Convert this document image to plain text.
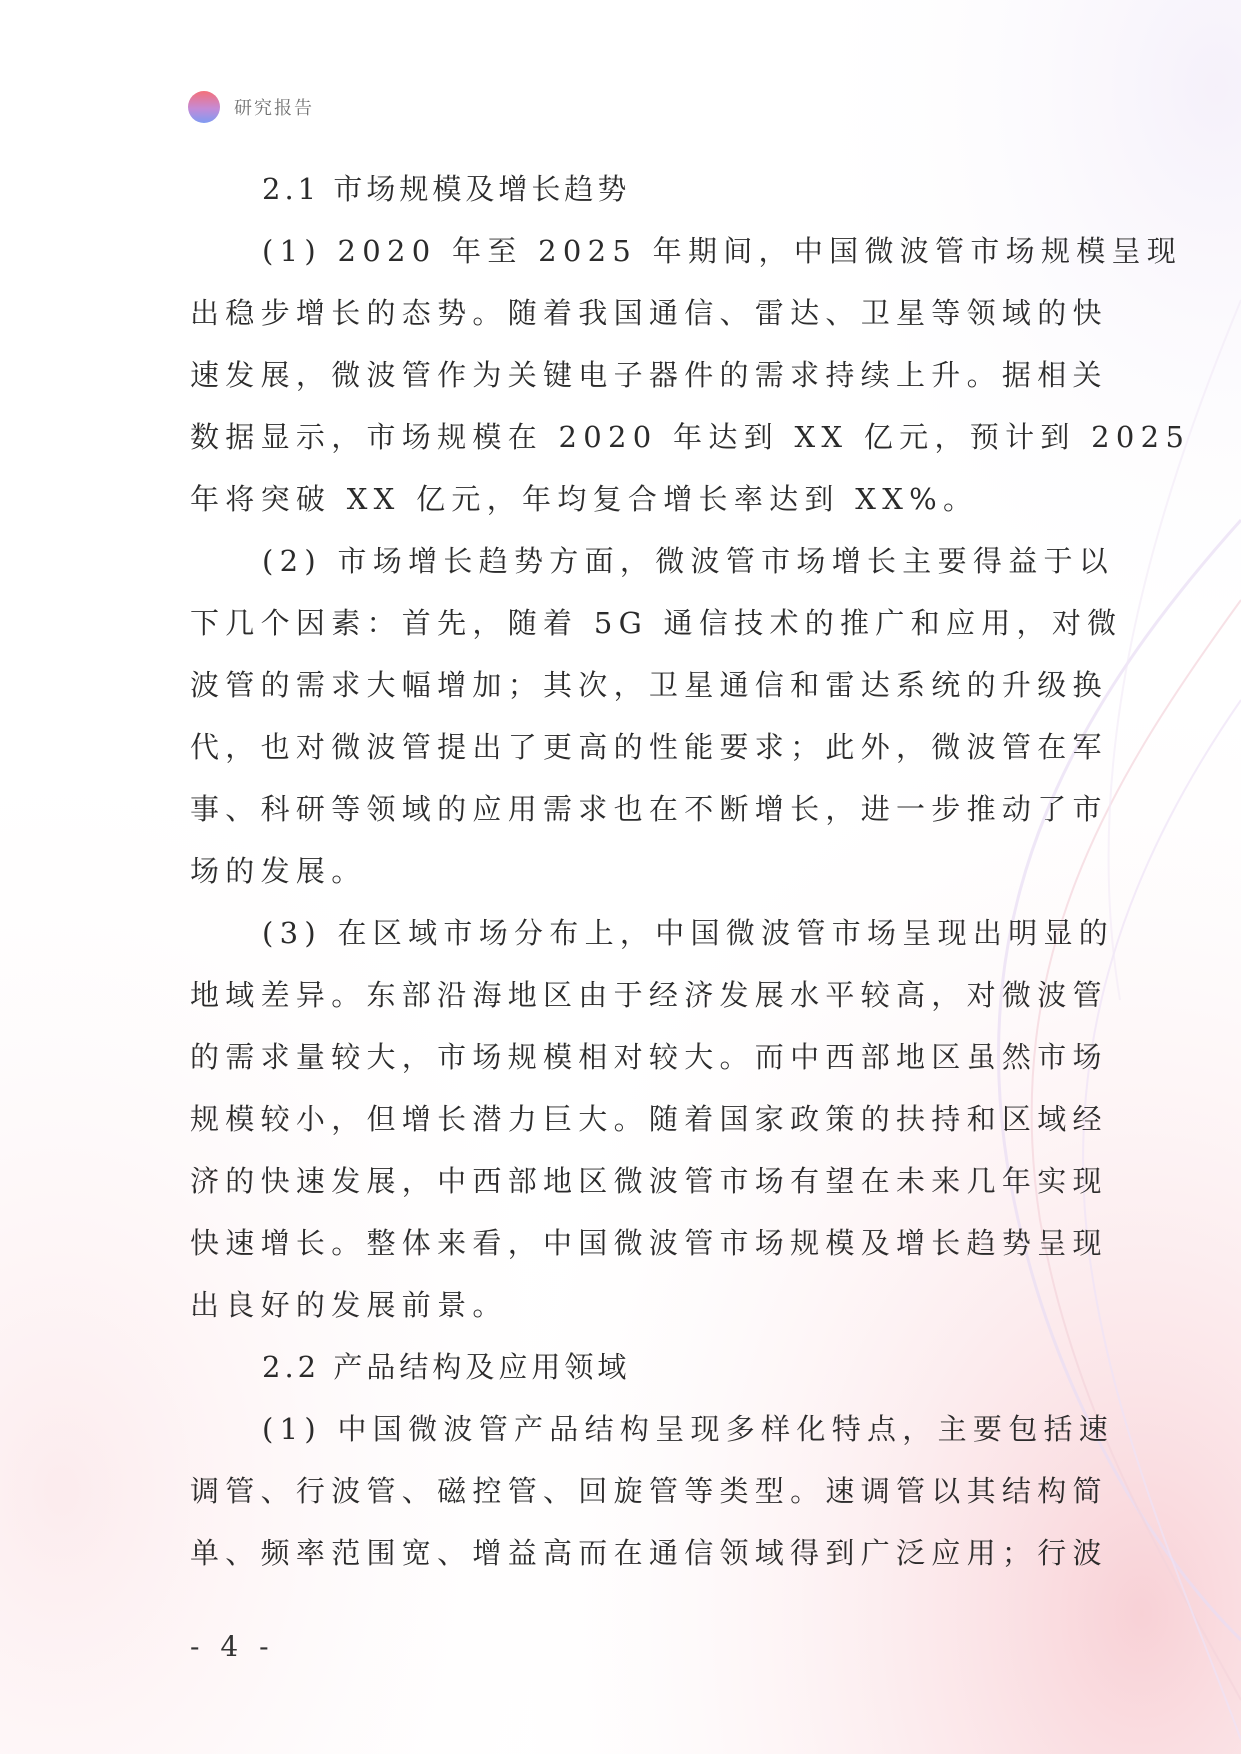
研究报告
2.1 市场规模及增长趋势
(1) 2020 年至 2025 年期间，中国微波管市场规模呈现
出稳步增长的态势。随着我国通信、雷达、卫星等领域的快
速发展，微波管作为关键电子器件的需求持续上升。据相关
数据显示，市场规模在 2020 年达到 XX 亿元，预计到 2025
年将突破 XX 亿元，年均复合增长率达到 XX%。
(2) 市场增长趋势方面，微波管市场增长主要得益于以
下几个因素：首先，随着 5G 通信技术的推广和应用，对微
波管的需求大幅增加；其次，卫星通信和雷达系统的升级换
代，也对微波管提出了更高的性能要求；此外，微波管在军
事、科研等领域的应用需求也在不断增长，进一步推动了市
场的发展。
(3) 在区域市场分布上，中国微波管市场呈现出明显的
地域差异。东部沿海地区由于经济发展水平较高，对微波管
的需求量较大，市场规模相对较大。而中西部地区虽然市场
规模较小，但增长潜力巨大。随着国家政策的扶持和区域经
济的快速发展，中西部地区微波管市场有望在未来几年实现
快速增长。整体来看，中国微波管市场规模及增长趋势呈现
出良好的发展前景。
2.2 产品结构及应用领域
(1) 中国微波管产品结构呈现多样化特点，主要包括速
调管、行波管、磁控管、回旋管等类型。速调管以其结构简
单、频率范围宽、增益高而在通信领域得到广泛应用；行波
- 4 -
